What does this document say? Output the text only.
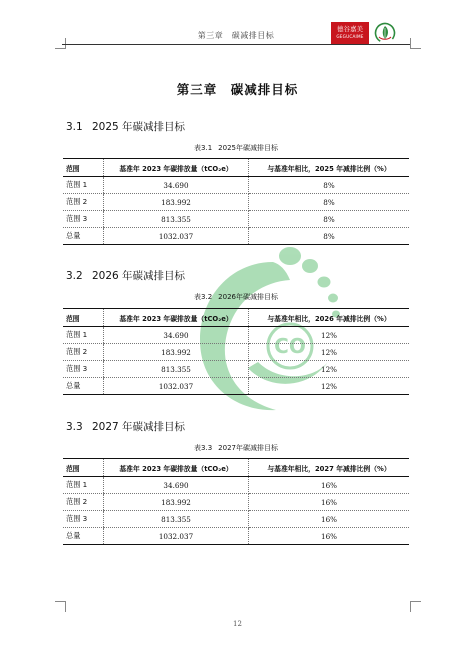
第三章　碳减排目标
德谷嘉美
GEGUCAIME
CO
第三章　碳减排目标
3.1 2025 年碳减排目标
表3.1 2025年碳减排目标
范围	基准年 2023 年碳排放量（tCO₂e）	与基准年相比，2025 年减排比例（%）
范围 1	34.690	8%
范围 2	183.992	8%
范围 3	813.355	8%
总量	1032.037	8%
3.2 2026 年碳减排目标
表3.2 2026年碳减排目标
范围	基准年 2023 年碳排放量（tCO₂e）	与基准年相比，2026 年减排比例（%）
范围 1	34.690	12%
范围 2	183.992	12%
范围 3	813.355	12%
总量	1032.037	12%
3.3 2027 年碳减排目标
表3.3 2027年碳减排目标
范围	基准年 2023 年碳排放量（tCO₂e）	与基准年相比，2027 年减排比例（%）
范围 1	34.690	16%
范围 2	183.992	16%
范围 3	813.355	16%
总量	1032.037	16%
12
